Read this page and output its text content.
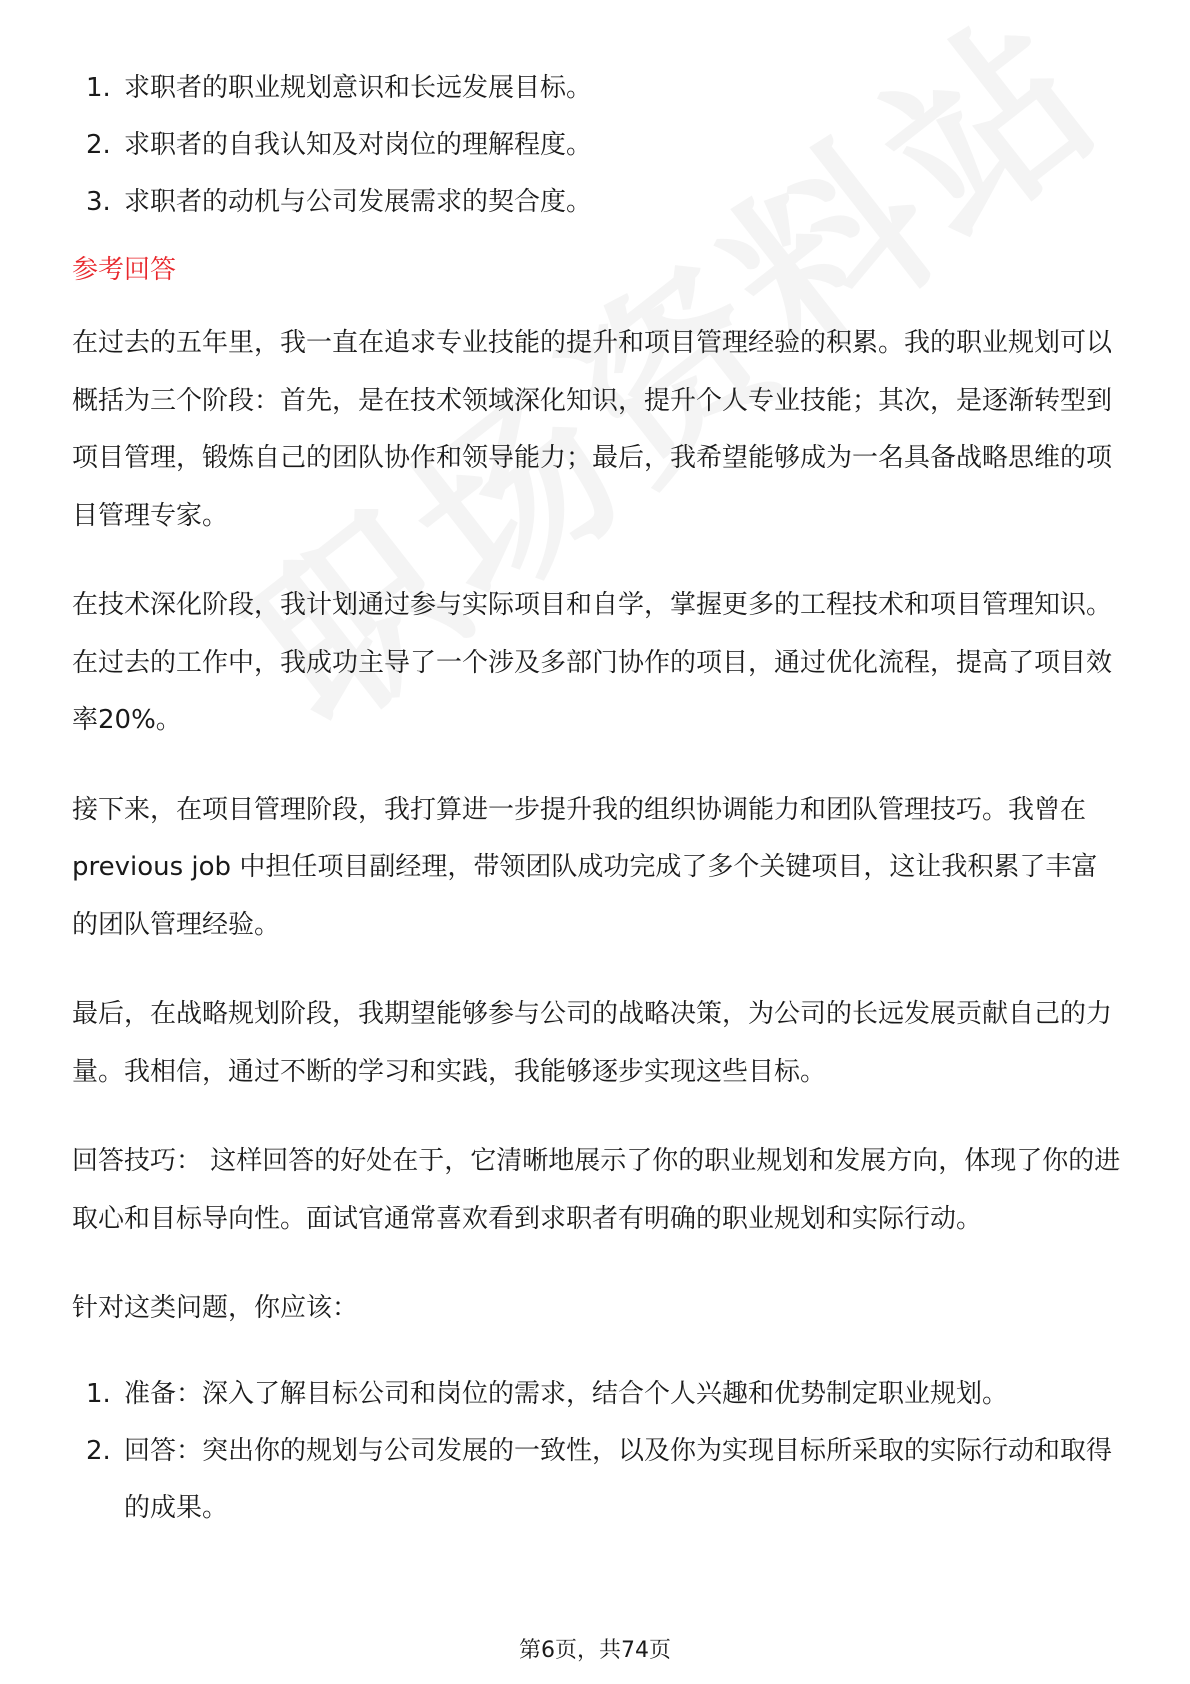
1. 求职者的职业规划意识和长远发展目标。
2. 求职者的自我认知及对岗位的理解程度。
3. 求职者的动机与公司发展需求的契合度。
参考回答

在过去的五年里，我一直在追求专业技能的提升和项目管理经验的积累。我的职业规划可以概括为三个阶段：首先，是在技术领域深化知识，提升个人专业技能；其次，是逐渐转型到项目管理，锻炼自己的团队协作和领导能力；最后，我希望能够成为一名具备战略思维的项目管理专家。

在技术深化阶段，我计划通过参与实际项目和自学，掌握更多的工程技术和项目管理知识。在过去的工作中，我成功主导了一个涉及多部门协作的项目，通过优化流程，提高了项目效率20%。

接下来，在项目管理阶段，我打算进一步提升我的组织协调能力和团队管理技巧。我曾在 previous job 中担任项目副经理，带领团队成功完成了多个关键项目，这让我积累了丰富的团队管理经验。

最后，在战略规划阶段，我期望能够参与公司的战略决策，为公司的长远发展贡献自己的力量。我相信，通过不断的学习和实践，我能够逐步实现这些目标。

回答技巧： 这样回答的好处在于，它清晰地展示了你的职业规划和发展方向，体现了你的进取心和目标导向性。面试官通常喜欢看到求职者有明确的职业规划和实际行动。

针对这类问题，你应该：

1. 准备：深入了解目标公司和岗位的需求，结合个人兴趣和优势制定职业规划。
2. 回答：突出你的规划与公司发展的一致性，以及你为实现目标所采取的实际行动和取得的成果。
第6页，共74页
